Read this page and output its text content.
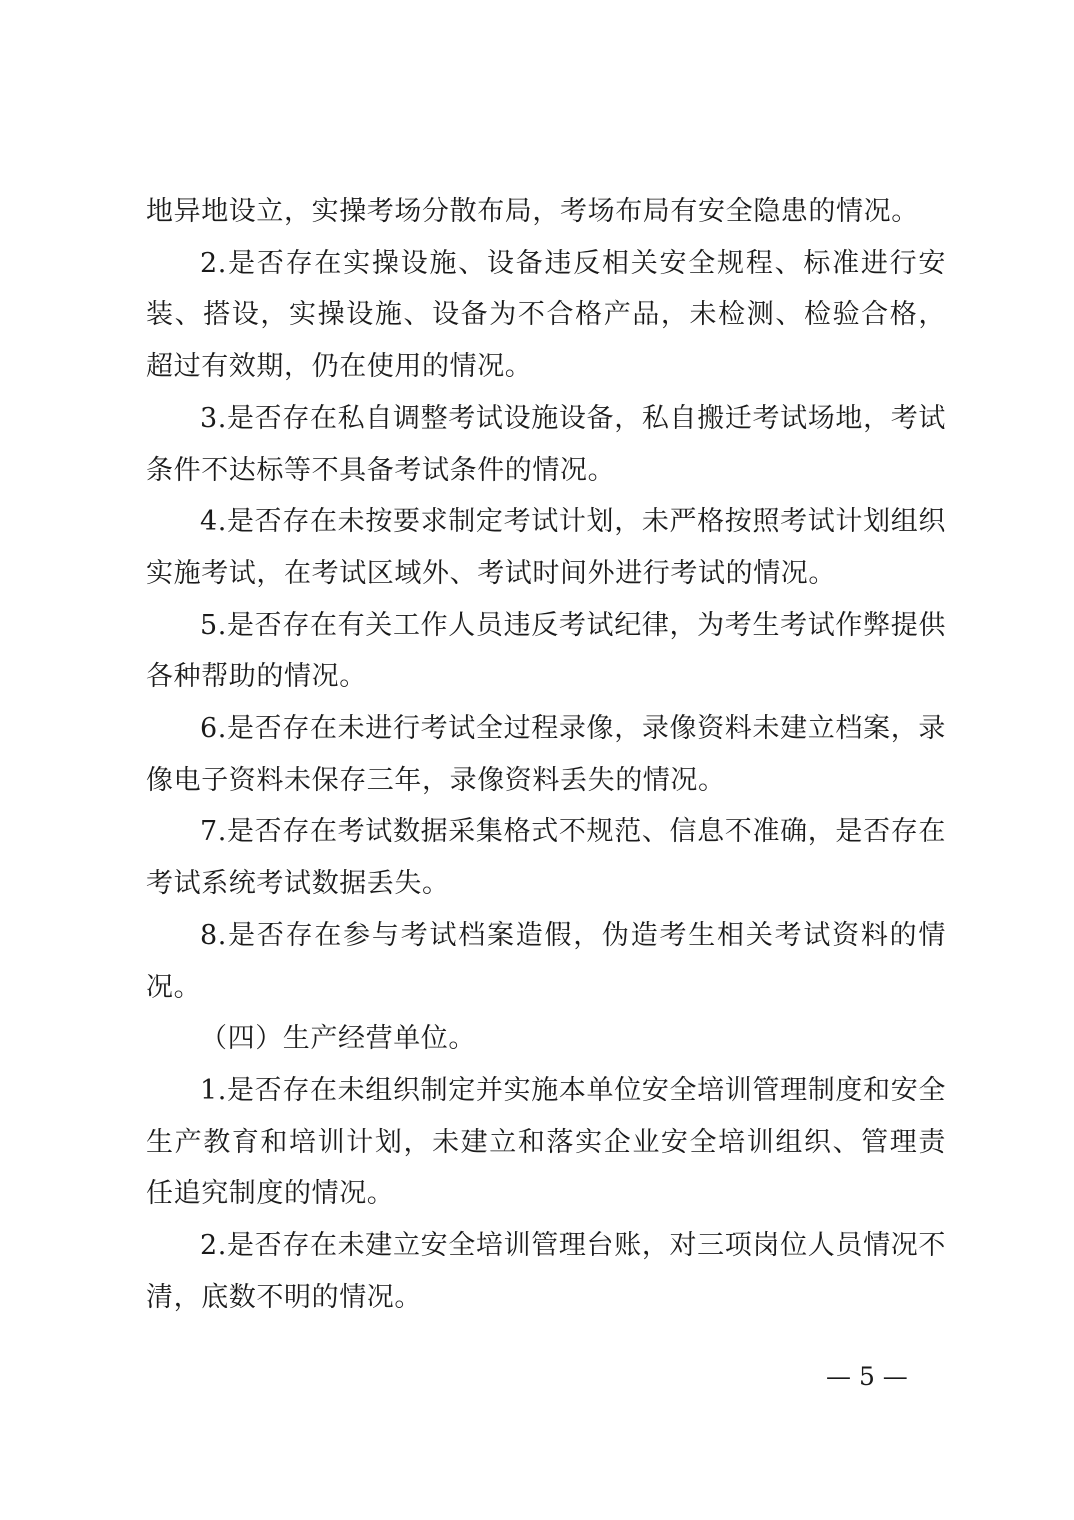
地异地设立，实操考场分散布局，考场布局有安全隐患的情况。

2.是否存在实操设施、设备违反相关安全规程、标准进行安装、搭设，实操设施、设备为不合格产品，未检测、检验合格，超过有效期，仍在使用的情况。

3.是否存在私自调整考试设施设备，私自搬迁考试场地，考试条件不达标等不具备考试条件的情况。

4.是否存在未按要求制定考试计划，未严格按照考试计划组织实施考试，在考试区域外、考试时间外进行考试的情况。

5.是否存在有关工作人员违反考试纪律，为考生考试作弊提供各种帮助的情况。

6.是否存在未进行考试全过程录像，录像资料未建立档案，录像电子资料未保存三年，录像资料丢失的情况。

7.是否存在考试数据采集格式不规范、信息不准确，是否存在考试系统考试数据丢失。

8.是否存在参与考试档案造假，伪造考生相关考试资料的情况。

（四）生产经营单位。

1.是否存在未组织制定并实施本单位安全培训管理制度和安全生产教育和培训计划，未建立和落实企业安全培训组织、管理责任追究制度的情况。

2.是否存在未建立安全培训管理台账，对三项岗位人员情况不清，底数不明的情况。

— 5 —
